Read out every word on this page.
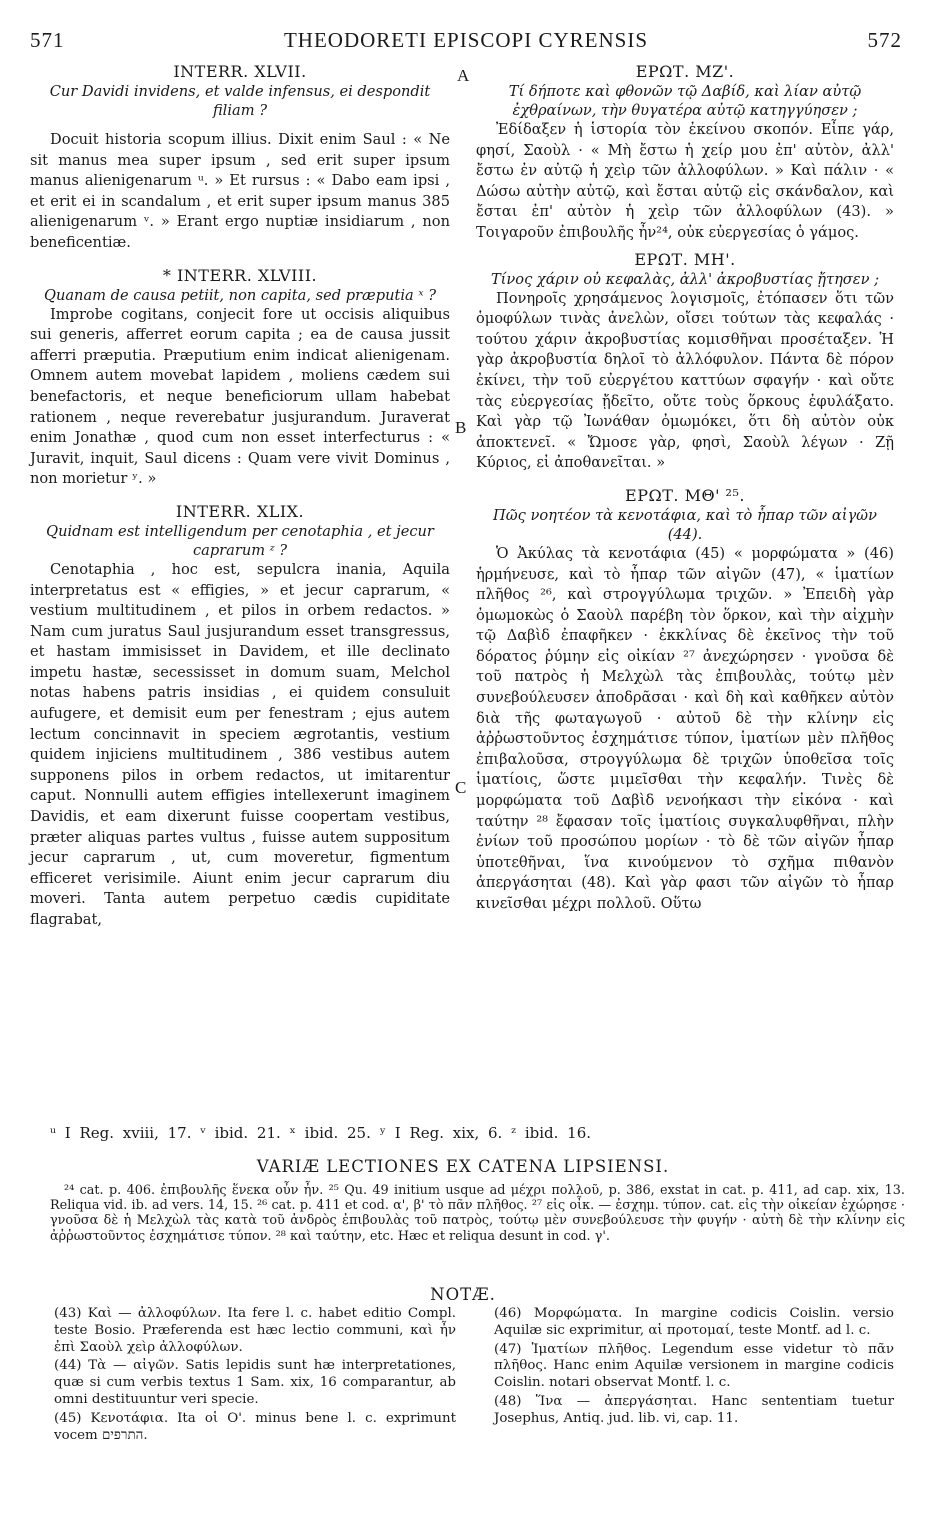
571	THEODORETI EPISCOPI CYRENSIS	572
A
B
C

INTERR. XLVII.

Cur Davidi invidens, et valde infensus, ei despondit filiam ?

Docuit historia scopum illius. Dixit enim Saul : « Ne sit manus mea super ipsum , sed erit super ipsum manus alienigenarum ᵘ. » Et rursus : « Dabo eam ipsi , et erit ei in scandalum , et erit super ipsum manus 385 alienigenarum ᵛ. » Erant ergo nuptiæ insidiarum , non beneficentiæ.

* INTERR. XLVIII.

Quanam de causa petiit, non capita, sed præputia ˣ ?

Improbe cogitans, conjecit fore ut occisis aliquibus sui generis, afferret eorum capita ; ea de causa jussit afferri præputia. Præputium enim indicat alienigenam. Omnem autem movebat lapidem , moliens cædem sui benefactoris, et neque beneficiorum ullam habebat rationem , neque reverebatur jusjurandum. Juraverat enim Jonathæ , quod cum non esset interfecturus : « Juravit, inquit, Saul dicens : Quam vere vivit Dominus , non morietur ʸ. »

INTERR. XLIX.

Quidnam est intelligendum per cenotaphia , et jecur caprarum ᶻ ?

Cenotaphia , hoc est, sepulcra inania, Aquila interpretatus est « effigies, » et jecur caprarum, « vestium multitudinem , et pilos in orbem redactos. » Nam cum juratus Saul jusjurandum esset transgressus, et hastam immisisset in Davidem, et ille declinato impetu hastæ, secessisset in domum suam, Melchol notas habens patris insidias , ei quidem consuluit aufugere, et demisit eum per fenestram ; ejus autem lectum concinnavit in speciem ægrotantis, vestium quidem injiciens multitudinem , 386 vestibus autem supponens pilos in orbem redactos, ut imitarentur caput. Nonnulli autem effigies intellexerunt imaginem Davidis, et eam dixerunt fuisse coopertam vestibus, præter aliquas partes vultus , fuisse autem suppositum jecur caprarum , ut, cum moveretur, figmentum efficeret verisimile. Aiunt enim jecur caprarum diu moveri. Tanta autem perpetuo cædis cupiditate flagrabat,

ΕΡΩΤ. ΜΖ'.

Τί δήποτε καὶ φθονῶν τῷ Δαβίδ, καὶ λίαν αὐτῷ ἐχθραίνων, τὴν θυγατέρα αὐτῷ κατηγγύησεν ;

Ἐδίδαξεν ἡ ἱστορία τὸν ἐκείνου σκοπόν. Εἶπε γάρ, φησί, Σαοὺλ · « Μὴ ἔστω ἡ χείρ μου ἐπ' αὐτὸν, ἀλλ' ἔστω ἐν αὐτῷ ἡ χεὶρ τῶν ἀλλοφύλων. » Καὶ πάλιν · « Δώσω αὐτὴν αὐτῷ, καὶ ἔσται αὐτῷ εἰς σκάνδαλον, καὶ ἔσται ἐπ' αὐτὸν ἡ χεὶρ τῶν ἀλλοφύλων (43). » Τοιγαροῦν ἐπιβουλῆς ἦν²⁴, οὐκ εὐεργεσίας ὁ γάμος.

ΕΡΩΤ. ΜΗ'.

Τίνος χάριν οὐ κεφαλὰς, ἀλλ' ἀκροβυστίας ᾔτησεν ;

Πονηροῖς χρησάμενος λογισμοῖς, ἐτόπασεν ὅτι τῶν ὁμοφύλων τινὰς ἀνελὼν, οἴσει τούτων τὰς κεφαλάς · τούτου χάριν ἀκροβυστίας κομισθῆναι προσέταξεν. Ἡ γὰρ ἀκροβυστία δηλοῖ τὸ ἀλλόφυλον. Πάντα δὲ πόρον ἐκίνει, τὴν τοῦ εὐεργέτου καττύων σφαγήν · καὶ οὔτε τὰς εὐεργεσίας ᾔδεῖτο, οὔτε τοὺς ὅρκους ἐφυλάξατο. Καὶ γὰρ τῷ Ἰωνάθαν ὀμωμόκει, ὅτι δὴ αὐτὸν οὐκ ἀποκτενεῖ. « Ὤμοσε γὰρ, φησὶ, Σαοὺλ λέγων · Ζῇ Κύριος, εἰ ἀποθανεῖται. »

ΕΡΩΤ. ΜΘ' ²⁵.

Πῶς νοητέον τὰ κενοτάφια, καὶ τὸ ἧπαρ τῶν αἰγῶν (44).

Ὁ Ἀκύλας τὰ κενοτάφια (45) « μορφώματα » (46) ἡρμήνευσε, καὶ τὸ ἧπαρ τῶν αἰγῶν (47), « ἱματίων πλῆθος ²⁶, καὶ στρογγύλωμα τριχῶν. » Ἐπειδὴ γὰρ ὀμωμοκὼς ὁ Σαοὺλ παρέβη τὸν ὅρκον, καὶ τὴν αἰχμὴν τῷ Δαβὶδ ἐπαφῆκεν · ἐκκλίνας δὲ ἐκεῖνος τὴν τοῦ δόρατος ῥύμην εἰς οἰκίαν ²⁷ ἀνεχώρησεν · γνοῦσα δὲ τοῦ πατρὸς ἡ Μελχὼλ τὰς ἐπιβουλὰς, τούτῳ μὲν συνεβούλευσεν ἀποδρᾶσαι · καὶ δὴ καὶ καθῆκεν αὐτὸν διὰ τῆς φωταγωγοῦ · αὐτοῦ δὲ τὴν κλίνην εἰς ἀῤῥωστοῦντος ἐσχημάτισε τύπον, ἱματίων μὲν πλῆθος ἐπιβαλοῦσα, στρογγύλωμα δὲ τριχῶν ὑποθεῖσα τοῖς ἱματίοις, ὥστε μιμεῖσθαι τὴν κεφαλήν. Τινὲς δὲ μορφώματα τοῦ Δαβὶδ νενοήκασι τὴν εἰκόνα · καὶ ταύτην ²⁸ ἔφασαν τοῖς ἱματίοις συγκαλυφθῆναι, πλὴν ἐνίων τοῦ προσώπου μορίων · τὸ δὲ τῶν αἰγῶν ἧπαρ ὑποτεθῆναι, ἵνα κινούμενον τὸ σχῆμα πιθανὸν ἀπεργάσηται (48). Καὶ γὰρ φασι τῶν αἰγῶν τὸ ἧπαρ κινεῖσθαι μέχρι πολλοῦ. Οὕτω

ᵘ I Reg. xviii, 17. ᵛ ibid. 21. ˣ ibid. 25. ʸ I Reg. xix, 6. ᶻ ibid. 16.
VARIÆ LECTIONES EX CATENA LIPSIENSI.
²⁴ cat. p. 406. ἐπιβουλῆς ἕνεκα οὖν ἦν. ²⁵ Qu. 49 initium usque ad μέχρι πολλοῦ, p. 386, exstat in cat. p. 411, ad cap. xix, 13. Reliqua vid. ib. ad vers. 14, 15. ²⁶ cat. p. 411 et cod. α', β' τὸ πᾶν πλῆθος. ²⁷ εἰς οἶκ. — ἐσχημ. τύπον. cat. εἰς τὴν οἰκείαν ἐχώρησε · γνοῦσα δὲ ἡ Μελχὼλ τὰς κατὰ τοῦ ἀνδρὸς ἐπιβουλὰς τοῦ πατρὸς, τούτῳ μὲν συνεβούλευσε τὴν φυγήν · αὐτὴ δὲ τὴν κλίνην εἰς ἀῤῥωστοῦντος ἐσχημάτισε τύπον. ²⁸ καὶ ταύτην, etc. Hæc et reliqua desunt in cod. γ'.
NOTÆ.

(43) Καὶ — ἀλλοφύλων. Ita fere l. c. habet editio Compl. teste Bosio. Præferenda est hæc lectio communi, καὶ ἦν ἐπὶ Σαοὺλ χεὶρ ἀλλοφύλων.

(44) Τὰ — αἰγῶν. Satis lepidis sunt hæ interpretationes, quæ si cum verbis textus 1 Sam. xix, 16 comparantur, ab omni destituuntur veri specie.

(45) Κενοτάφια. Ita οἱ Ο'. minus bene l. c. exprimunt vocem התרפים.

(46) Μορφώματα. In margine codicis Coislin. versio Aquilæ sic exprimitur, αἱ προτομαί, teste Montf. ad l. c.

(47) Ἱματίων πλῆθος. Legendum esse videtur τὸ πᾶν πλῆθος. Hanc enim Aquilæ versionem in margine codicis Coislin. notari observat Montf. l. c.

(48) Ἵνα — ἀπεργάσηται. Hanc sententiam tuetur Josephus, Antiq. jud. lib. vi, cap. 11.
